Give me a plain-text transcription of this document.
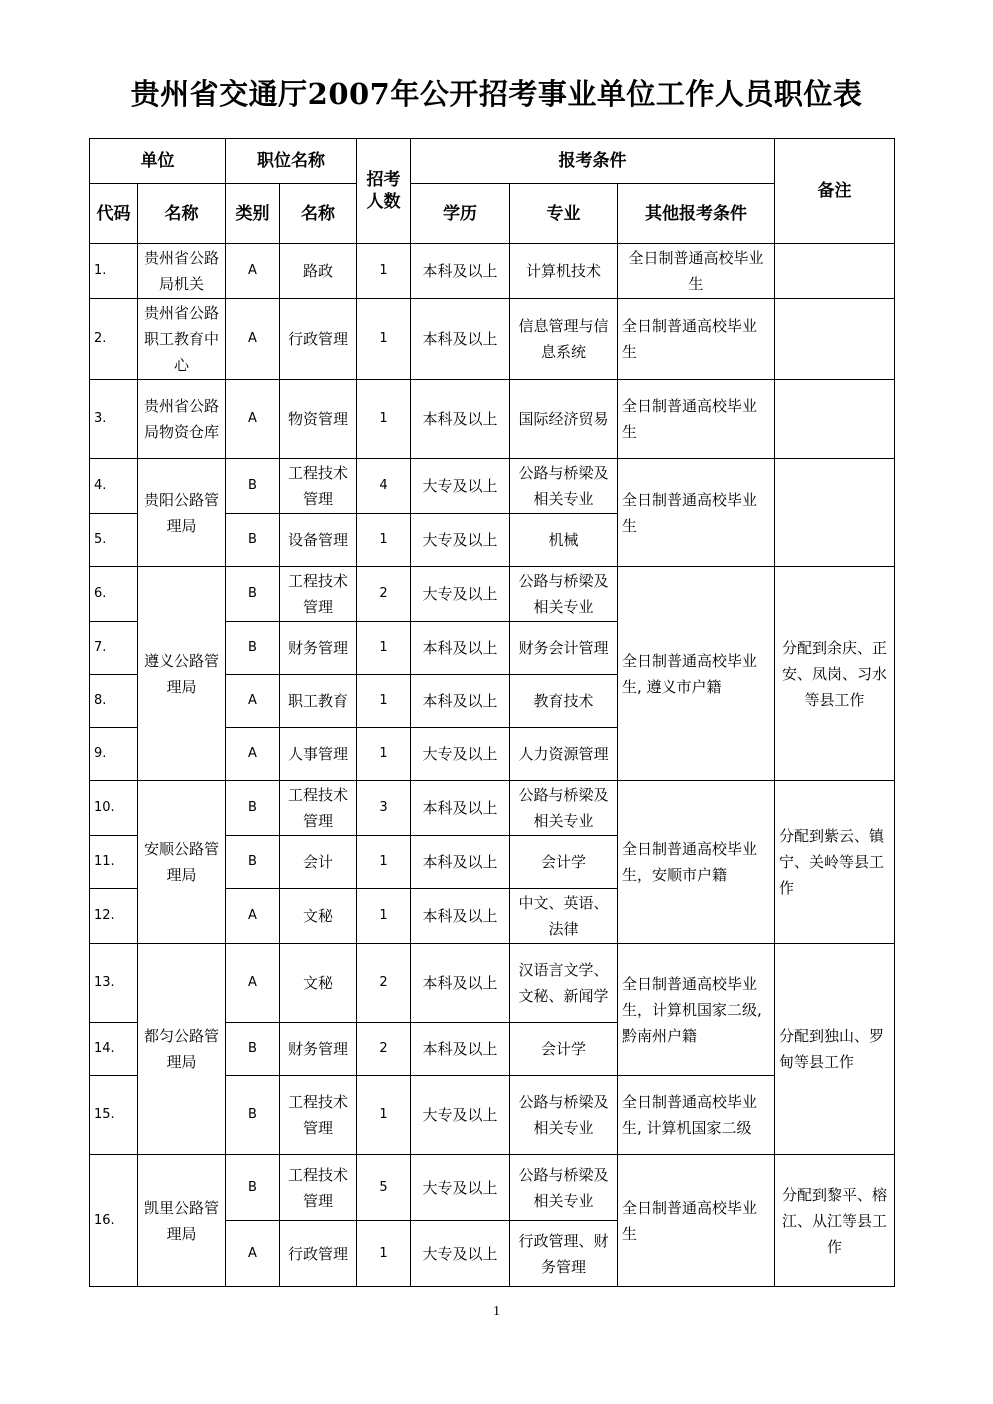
贵州省交通厅2007年公开招考事业单位工作人员职位表
单位		职位名称		招考人数	报考条件			备注
代码	名称	类别	名称		学历	专业	其他报考条件	
1.	贵州省公路局机关	A	路政	1	本科及以上	计算机技术	全日制普通高校毕业生	
2.	贵州省公路职工教育中心	A	行政管理	1	本科及以上	信息管理与信息系统	全日制普通高校毕业生	
3.	贵州省公路局物资仓库	A	物资管理	1	本科及以上	国际经济贸易	全日制普通高校毕业生	
4.	贵阳公路管理局	B	工程技术管理	4	大专及以上	公路与桥梁及相关专业	全日制普通高校毕业生	
5.		B	设备管理	1	大专及以上	机械		
6.	遵义公路管理局	B	工程技术管理	2	大专及以上	公路与桥梁及相关专业	全日制普通高校毕业生, 遵义市户籍	分配到余庆、正安、凤岗、习水等县工作
7.		B	财务管理	1	本科及以上	财务会计管理		
8.		A	职工教育	1	本科及以上	教育技术		
9.		A	人事管理	1	大专及以上	人力资源管理		
10.	安顺公路管理局	B	工程技术管理	3	本科及以上	公路与桥梁及相关专业	全日制普通高校毕业生，安顺市户籍	分配到紫云、镇宁、关岭等县工作
11.		B	会计	1	本科及以上	会计学		
12.		A	文秘	1	本科及以上	中文、英语、法律		
13.	都匀公路管理局	A	文秘	2	本科及以上	汉语言文学、文秘、新闻学	全日制普通高校毕业生，计算机国家二级, 黔南州户籍	分配到独山、罗甸等县工作
14.		B	财务管理	2	本科及以上	会计学		
15.		B	工程技术管理	1	大专及以上	公路与桥梁及相关专业	全日制普通高校毕业生, 计算机国家二级	
16.	凯里公路管理局	B	工程技术管理	5	大专及以上	公路与桥梁及相关专业	全日制普通高校毕业生	分配到黎平、榕江、从江等县工作
		A	行政管理	1	大专及以上	行政管理、财务管理		
1
